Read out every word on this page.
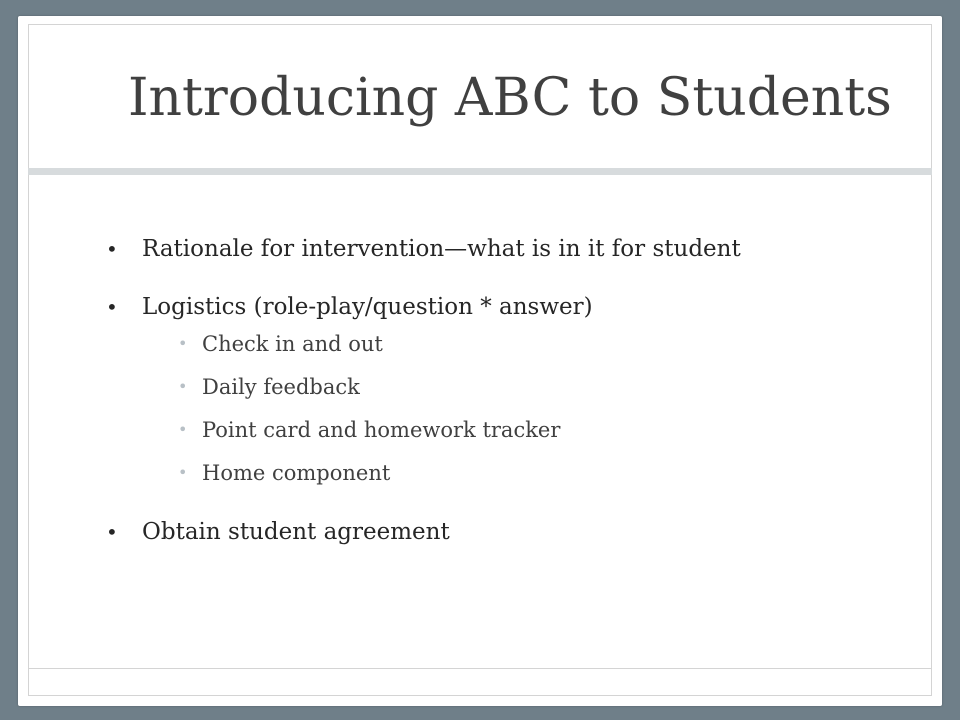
Introducing ABC to Students
• Rationale for intervention—what is in it for student
• Logistics (role-play/question * answer)
• Check in and out
• Daily feedback
• Point card and homework tracker
• Home component
• Obtain student agreement
